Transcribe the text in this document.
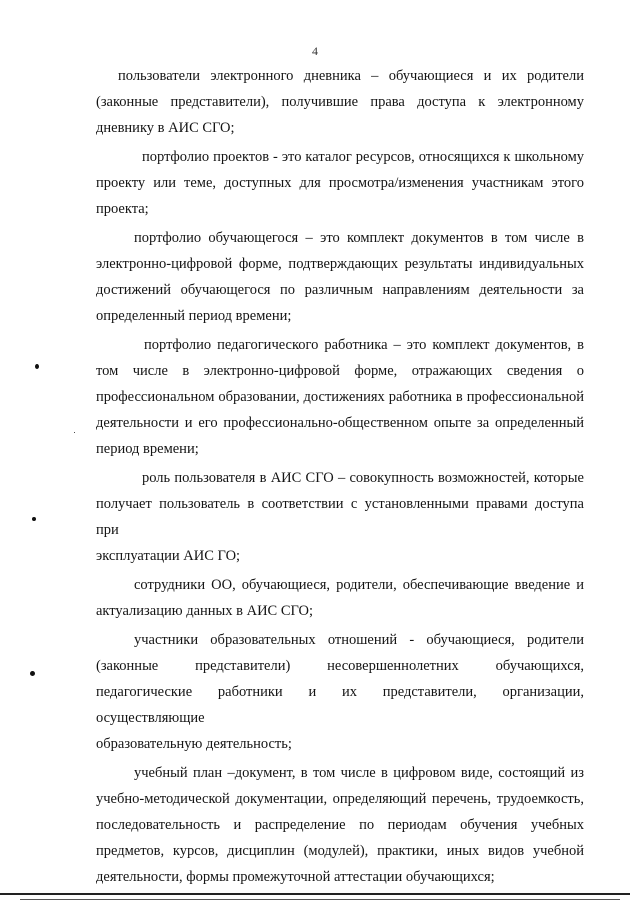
4
пользователи электронного дневника – обучающиеся и их родители
(законные представители), получившие права доступа к электронному
дневнику в АИС СГО;
портфолио проектов - это каталог ресурсов, относящихся к школьному
проекту или теме, доступных для просмотра/изменения участникам этого
проекта;
портфолио обучающегося – это комплект документов в том числе в
электронно-цифровой форме, подтверждающих результаты индивидуальных
достижений обучающегося по различным направлениям деятельности за
определенный период времени;
портфолио педагогического работника – это комплект документов, в
том числе в электронно-цифровой форме, отражающих сведения о
профессиональном образовании, достижениях работника в профессиональной
деятельности и его профессионально-общественном опыте за определенный
период времени;
роль пользователя в АИС СГО – совокупность возможностей, которые
получает пользователь в соответствии с установленными правами доступа при
эксплуатации АИС ГО;
сотрудники ОО, обучающиеся, родители, обеспечивающие введение и
актуализацию данных в АИС СГО;
участники образовательных отношений - обучающиеся, родители
(законные представители) несовершеннолетних обучающихся,
педагогические работники и их представители, организации, осуществляющие
образовательную деятельность;
учебный план –документ, в том числе в цифровом виде, состоящий из
учебно-методической документации, определяющий перечень, трудоемкость,
последовательность и распределение по периодам обучения учебных
предметов, курсов, дисциплин (модулей), практики, иных видов учебной
деятельности, формы промежуточной аттестации обучающихся;
